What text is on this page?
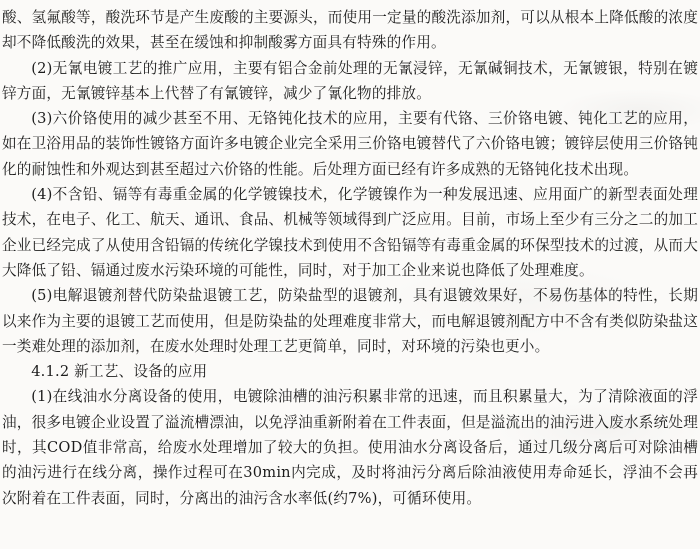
酸、氢氟酸等，酸洗环节是产生废酸的主要源头，而使用一定量的酸洗添加剂，可以从根本上降低酸的浓度却不降低酸洗的效果，甚至在缓蚀和抑制酸雾方面具有特殊的作用。

(2)无氰电镀工艺的推广应用，主要有铝合金前处理的无氰浸锌，无氰碱铜技术，无氰镀银，特别在镀锌方面，无氰镀锌基本上代替了有氰镀锌，减少了氰化物的排放。

(3)六价铬使用的减少甚至不用、无铬钝化技术的应用，主要有代铬、三价铬电镀、钝化工艺的应用，如在卫浴用品的装饰性镀铬方面许多电镀企业完全采用三价铬电镀替代了六价铬电镀；镀锌层使用三价铬钝化的耐蚀性和外观达到甚至超过六价铬的性能。后处理方面已经有许多成熟的无铬钝化技术出现。

(4)不含铅、镉等有毒重金属的化学镀镍技术，化学镀镍作为一种发展迅速、应用面广的新型表面处理技术，在电子、化工、航天、通讯、食品、机械等领域得到广泛应用。目前，市场上至少有三分之二的加工企业已经完成了从使用含铅镉的传统化学镍技术到使用不含铅镉等有毒重金属的环保型技术的过渡，从而大大降低了铅、镉通过废水污染环境的可能性，同时，对于加工企业来说也降低了处理难度。

(5)电解退镀剂替代防染盐退镀工艺，防染盐型的退镀剂，具有退镀效果好，不易伤基体的特性，长期以来作为主要的退镀工艺而使用，但是防染盐的处理难度非常大，而电解退镀剂配方中不含有类似防染盐这一类难处理的添加剂，在废水处理时处理工艺更简单，同时，对环境的污染也更小。

4.1.2 新工艺、设备的应用

(1)在线油水分离设备的使用，电镀除油槽的油污积累非常的迅速，而且积累量大，为了清除液面的浮油，很多电镀企业设置了溢流槽漂油，以免浮油重新附着在工件表面，但是溢流出的油污进入废水系统处理时，其COD值非常高，给废水处理增加了较大的负担。使用油水分离设备后，通过几级分离后可对除油槽的油污进行在线分离，操作过程可在30min内完成，及时将油污分离后除油液使用寿命延长，浮油不会再次附着在工件表面，同时，分离出的油污含水率低(约7%)，可循环使用。
